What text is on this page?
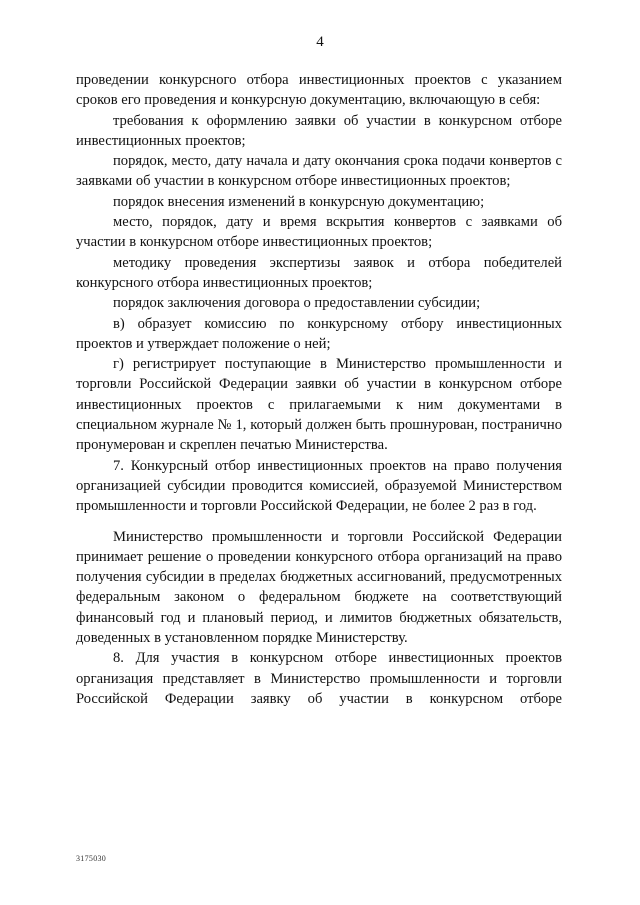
4

проведении конкурсного отбора инвестиционных проектов с указанием сроков его проведения и конкурсную документацию, включающую в себя:

требования к оформлению заявки об участии в конкурсном отборе инвестиционных проектов;

порядок, место, дату начала и дату окончания срока подачи конвертов с заявками об участии в конкурсном отборе инвестиционных проектов;

порядок внесения изменений в конкурсную документацию;

место, порядок, дату и время вскрытия конвертов с заявками об участии в конкурсном отборе инвестиционных проектов;

методику проведения экспертизы заявок и отбора победителей конкурсного отбора инвестиционных проектов;

порядок заключения договора о предоставлении субсидии;

в) образует комиссию по конкурсному отбору инвестиционных проектов и утверждает положение о ней;

г) регистрирует поступающие в Министерство промышленности и торговли Российской Федерации заявки об участии в конкурсном отборе инвестиционных проектов с прилагаемыми к ним документами в специальном журнале № 1, который должен быть прошнурован, постранично пронумерован и скреплен печатью Министерства.

7. Конкурсный отбор инвестиционных проектов на право получения организацией субсидии проводится комиссией, образуемой Министерством промышленности и торговли Российской Федерации, не более 2 раз в год.

Министерство промышленности и торговли Российской Федерации принимает решение о проведении конкурсного отбора организаций на право получения субсидии в пределах бюджетных ассигнований, предусмотренных федеральным законом о федеральном бюджете на соответствующий финансовый год и плановый период, и лимитов бюджетных обязательств, доведенных в установленном порядке Министерству.

8. Для участия в конкурсном отборе инвестиционных проектов организация представляет в Министерство промышленности и торговли Российской Федерации заявку об участии в конкурсном отборе

3175030
